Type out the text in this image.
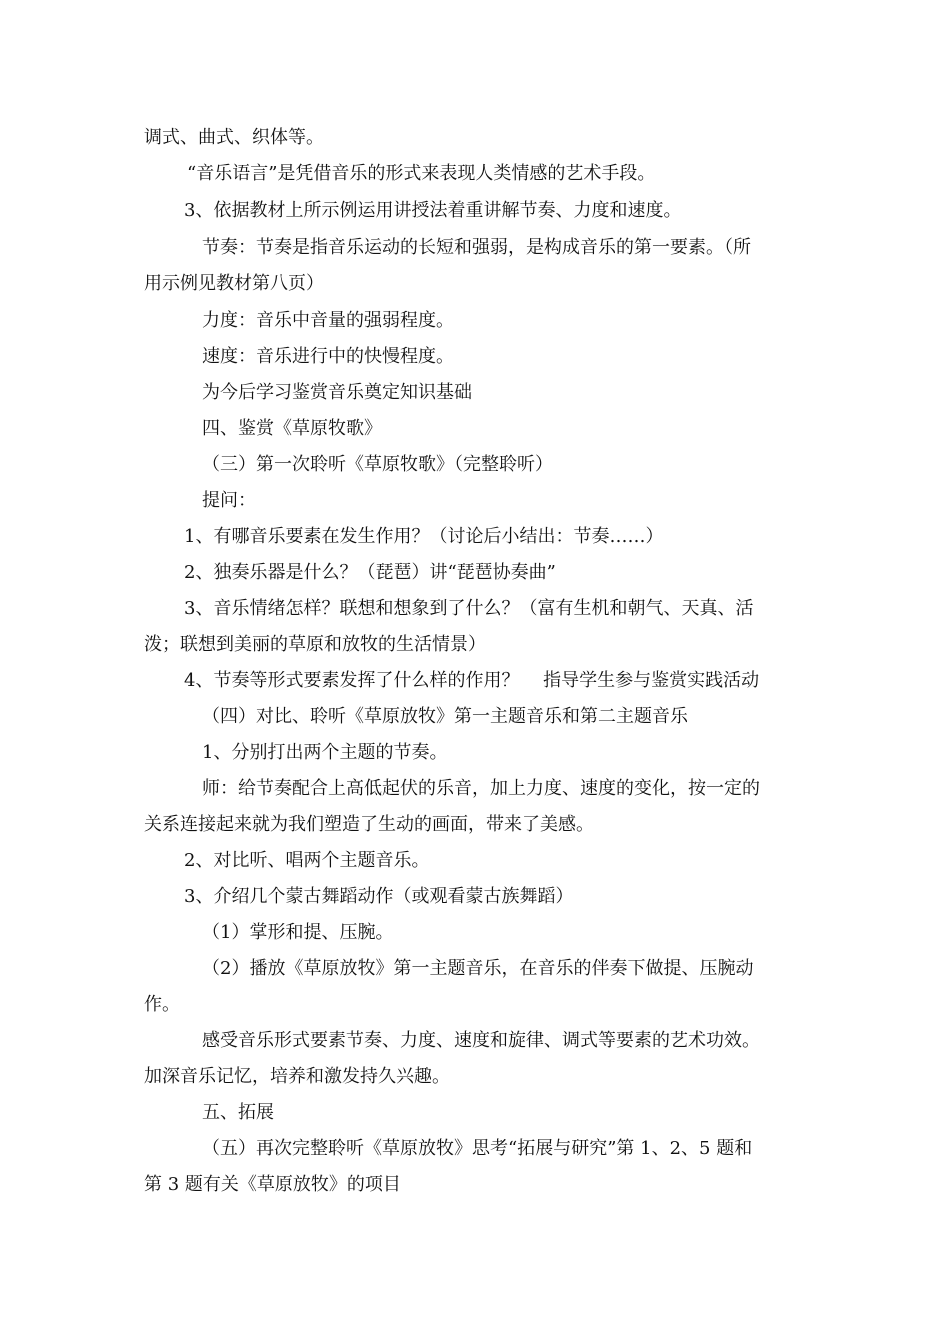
调式、曲式、织体等。
“音乐语言”是凭借音乐的形式来表现人类情感的艺术手段。
3、依据教材上所示例运用讲授法着重讲解节奏、力度和速度。
节奏：节奏是指音乐运动的长短和强弱，是构成音乐的第一要素。（所
用示例见教材第八页）
力度：音乐中音量的强弱程度。
速度：音乐进行中的快慢程度。
为今后学习鉴赏音乐奠定知识基础
四、鉴赏《草原牧歌》
（三）第一次聆听《草原牧歌》（完整聆听）
提问：
1、有哪音乐要素在发生作用？（讨论后小结出：节奏……）
2、独奏乐器是什么？（琵琶）讲“琵琶协奏曲”
3、音乐情绪怎样？联想和想象到了什么？（富有生机和朝气、天真、活
泼；联想到美丽的草原和放牧的生活情景）
4、节奏等形式要素发挥了什么样的作用？　 指导学生参与鉴赏实践活动
（四）对比、聆听《草原放牧》第一主题音乐和第二主题音乐
1、分别打出两个主题的节奏。
师：给节奏配合上高低起伏的乐音，加上力度、速度的变化，按一定的
关系连接起来就为我们塑造了生动的画面，带来了美感。
2、对比听、唱两个主题音乐。
3、介绍几个蒙古舞蹈动作（或观看蒙古族舞蹈）
（1）掌形和提、压腕。
（2）播放《草原放牧》第一主题音乐，在音乐的伴奏下做提、压腕动
作。
感受音乐形式要素节奏、力度、速度和旋律、调式等要素的艺术功效。
加深音乐记忆，培养和激发持久兴趣。
五、拓展
（五）再次完整聆听《草原放牧》思考“拓展与研究”第 1、2、5 题和
第 3 题有关《草原放牧》的项目
